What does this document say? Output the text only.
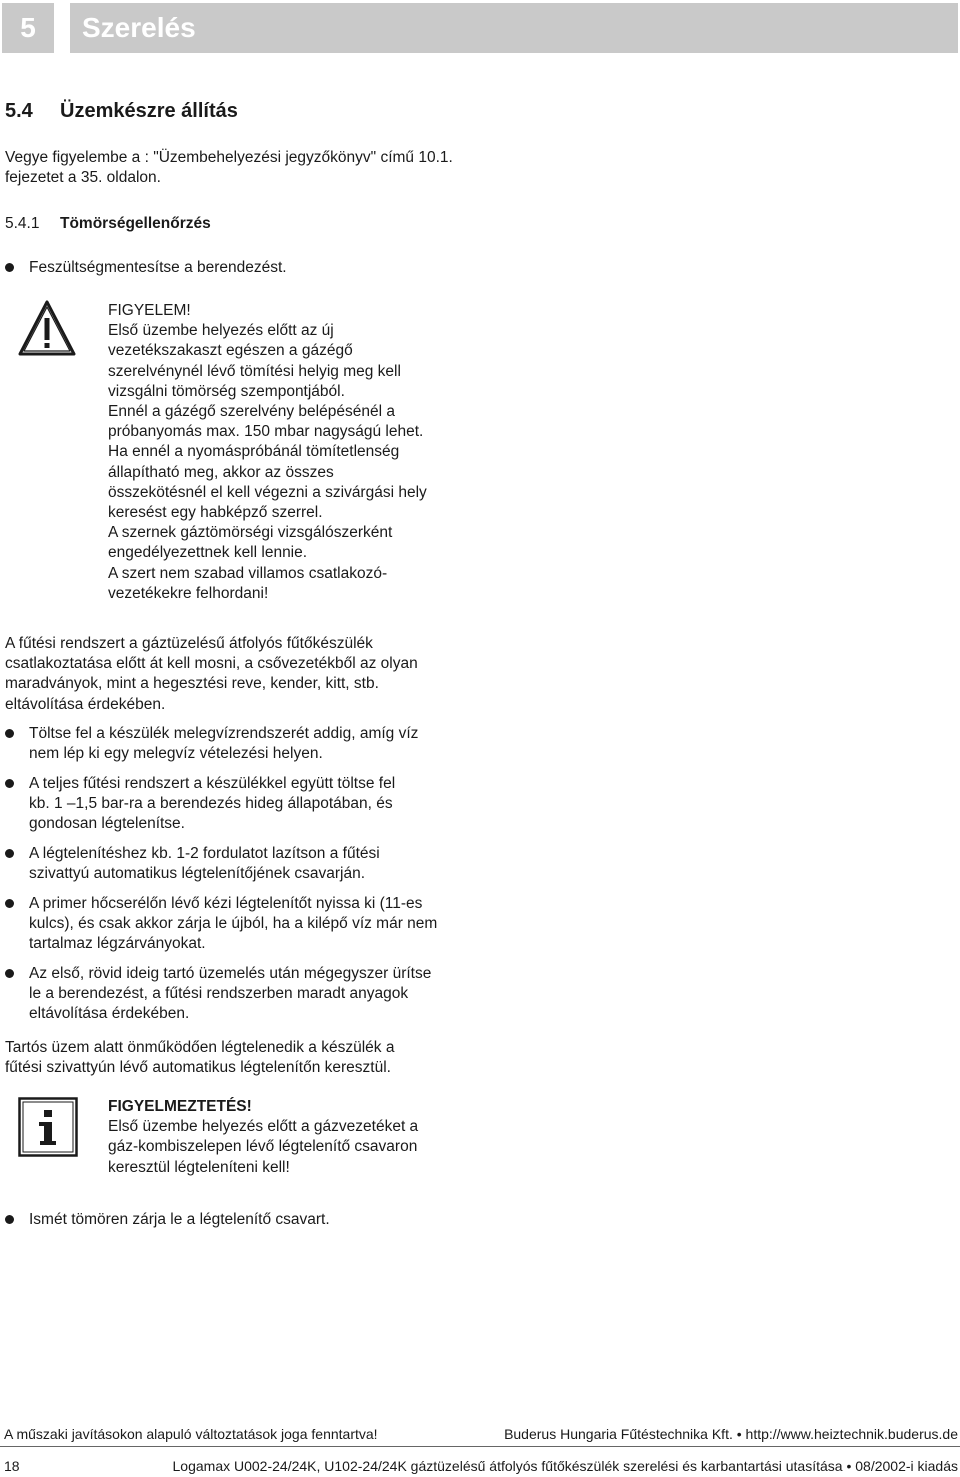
5	Szerelés
5.4 Üzemkészre állítás
Vegye figyelembe a : "Üzembehelyezési jegyzőkönyv" című 10.1. fejezetet a 35. oldalon.
5.4.1 Tömörségellenőrzés
Feszültségmentesítse a berendezést.
FIGYELEM!
Első üzembe helyezés előtt az új
vezetékszakaszt egészen a gázégő
szerelvénynél lévő tömítési helyig meg kell
vizsgálni tömörség szempontjából.
Ennél a gázégő szerelvény belépésénél a
próbanyomás max. 150 mbar nagyságú lehet.
Ha ennél a nyomáspróbánál tömítetlenség
állapítható meg, akkor az összes
összekötésnél el kell végezni a szivárgási hely
keresést egy habképző szerrel.
A szernek gáztömörségi vizsgálószerként
engedélyezettnek kell lennie.
A szert nem szabad villamos csatlakozó-
vezetékekre felhordani!
A fűtési rendszert a gáztüzelésű átfolyós fűtőkészülék
csatlakoztatása előtt át kell mosni, a csővezetékből az olyan
maradványok, mint a hegesztési reve, kender, kitt, stb.
eltávolítása érdekében.
Töltse fel a készülék melegvízrendszerét addig, amíg víz
nem lép ki egy melegvíz vételezési helyen.
A teljes fűtési rendszert a készülékkel együtt töltse fel
kb. 1 –1,5 bar-ra a berendezés hideg állapotában, és
gondosan légtelenítse.
A légtelenítéshez kb. 1-2 fordulatot lazítson a fűtési
szivattyú automatikus légtelenítőjének csavarján.
A primer hőcserélőn lévő kézi légtelenítőt nyissa ki (11-es
kulcs), és csak akkor zárja le újból, ha a kilépő víz már nem
tartalmaz légzárványokat.
Az első, rövid ideig tartó üzemelés után mégegyszer ürítse
le a berendezést, a fűtési rendszerben maradt anyagok
eltávolítása érdekében.
Tartós üzem alatt önműködően légtelenedik a készülék a
fűtési szivattyún lévő automatikus légtelenítőn keresztül.
FIGYELMEZTETÉS!
Első üzembe helyezés előtt a gázvezetéket a
gáz-kombiszelepen lévő légtelenítő csavaron
keresztül légteleníteni kell!
Ismét tömören zárja le a légtelenítő csavart.
A műszaki javításokon alapuló változtatások joga fenntartva!	Buderus Hungaria Fűtéstechnika Kft. • http://www.heiztechnik.buderus.de
18	Logamax U002-24/24K, U102-24/24K gáztüzelésű átfolyós fűtőkészülék szerelési és karbantartási utasítása • 08/2002-i kiadás
